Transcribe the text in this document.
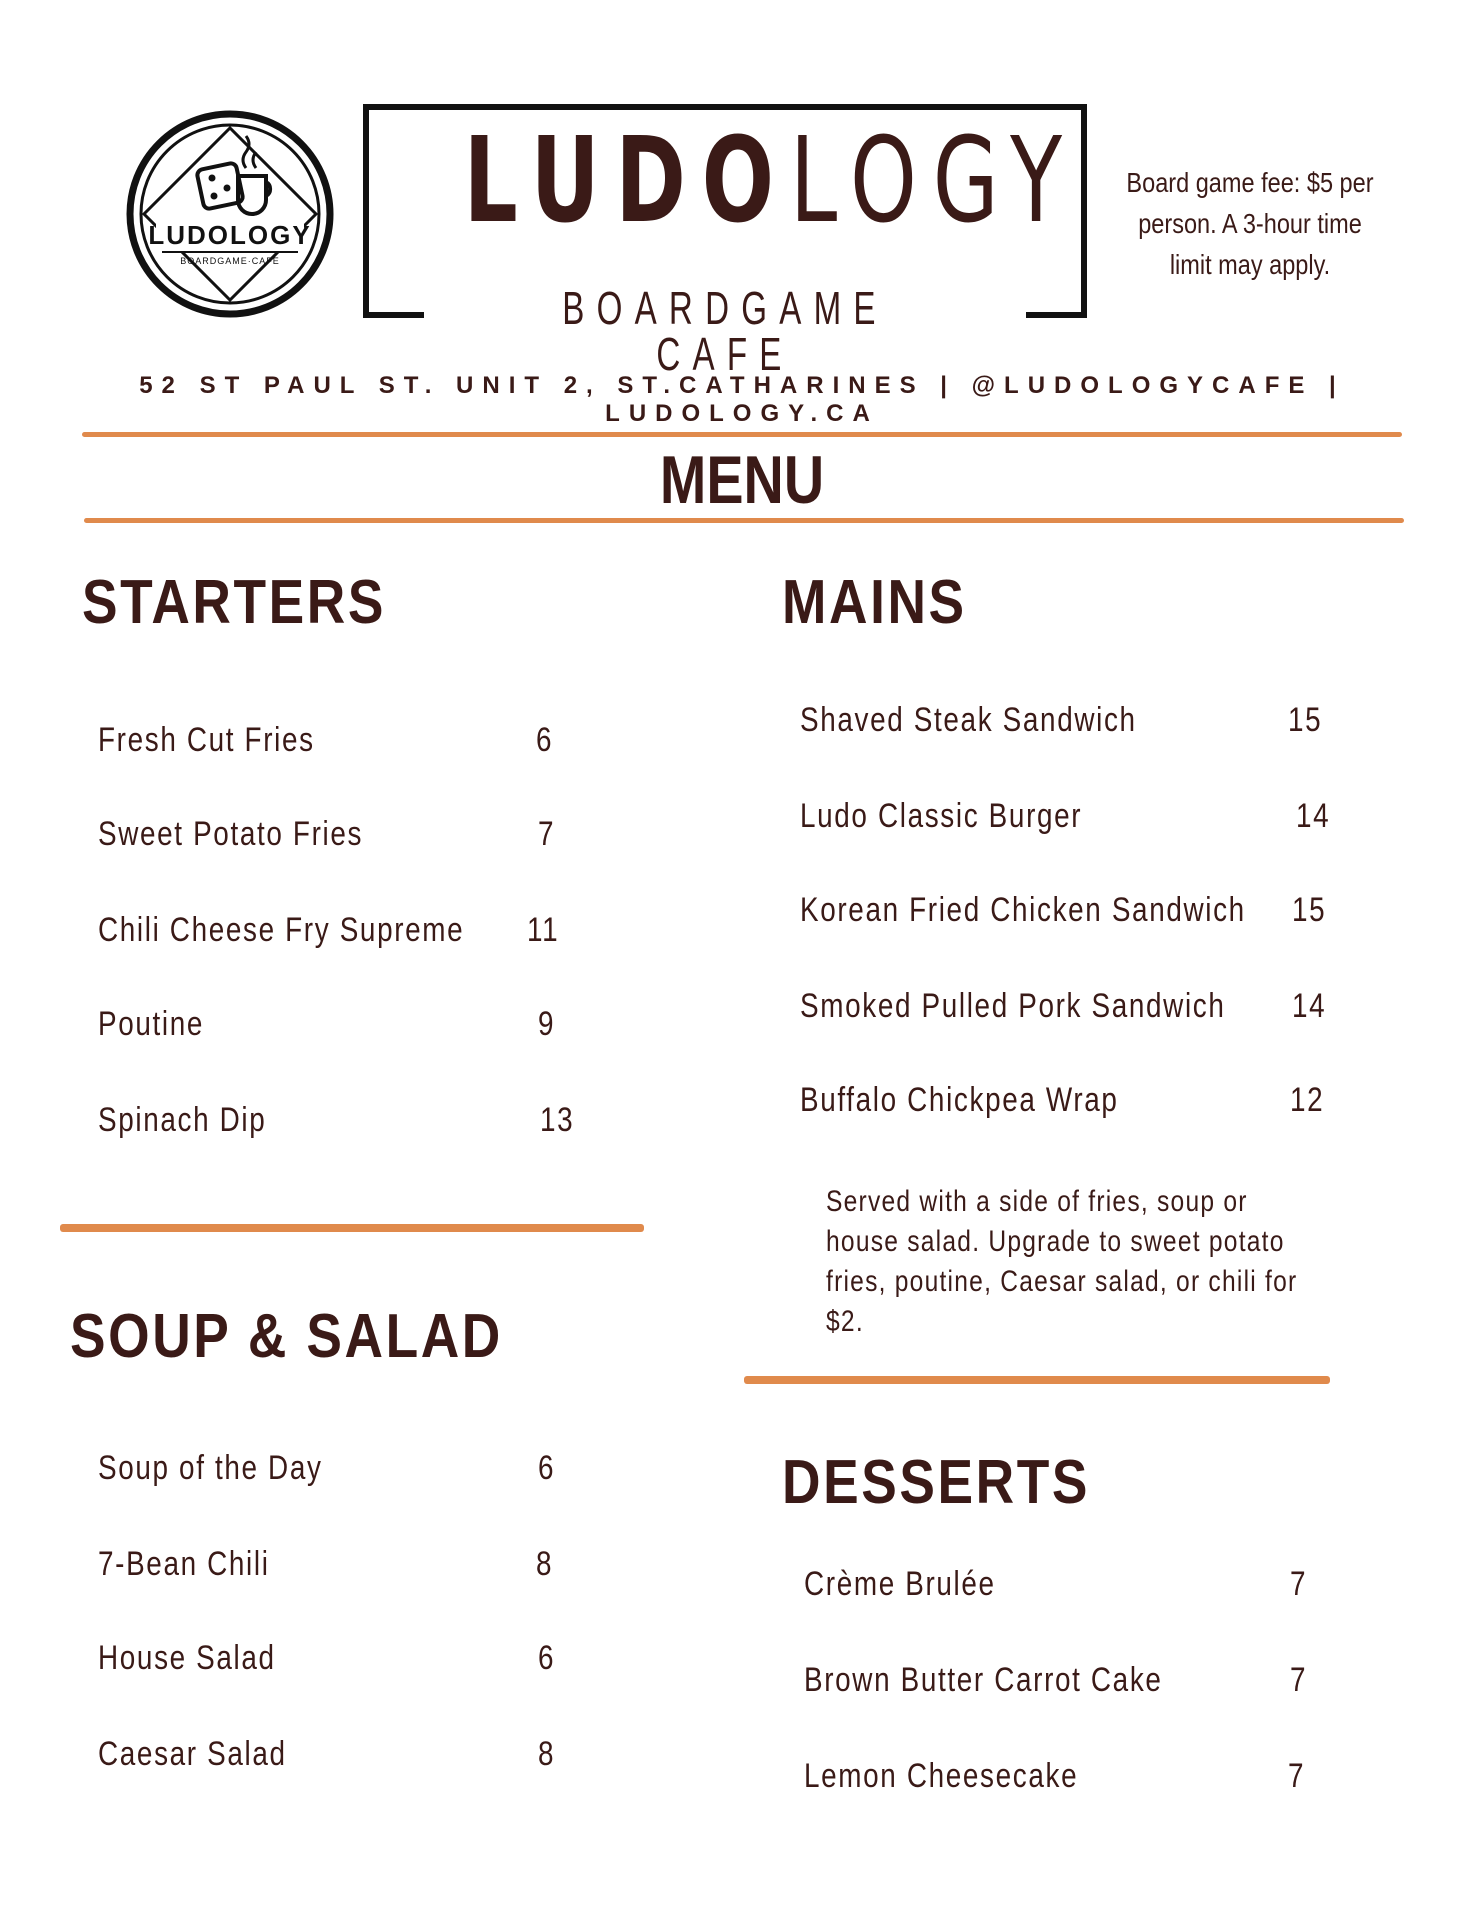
LUDOLOGY
BOARDGAME·CAFE
LUDOLOGY
BOARDGAME CAFE
Board game fee: $5 per person. A 3-hour time limit may apply.
52 ST PAUL ST. UNIT 2, ST.CATHARINES | @LUDOLOGYCAFE | LUDOLOGY.CA
MENU
STARTERS
Fresh Cut Fries	6
Sweet Potato Fries	7
Chili Cheese Fry Supreme 11
Poutine	9
Spinach Dip	13
SOUP & SALAD
Soup of the Day	6
7-Bean Chili	8
House Salad	6
Caesar Salad	8
MAINS
Shaved Steak Sandwich	15
Ludo Classic Burger	14
Korean Fried Chicken Sandwich 15
Smoked Pulled Pork Sandwich 14
Buffalo Chickpea Wrap	12
Served with a side of fries, soup or house salad. Upgrade to sweet potato fries, poutine, Caesar salad, or chili for $2.
DESSERTS
Crème Brulée	7
Brown Butter Carrot Cake	7
Lemon Cheesecake	7
